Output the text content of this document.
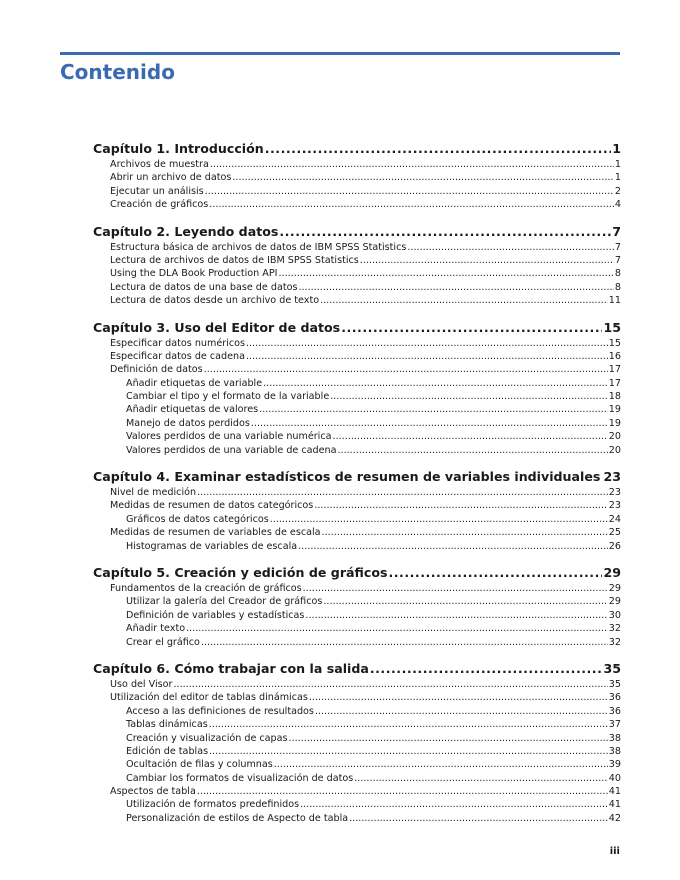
Contenido
Capítulo 1. Introducción .....	1
Archivos de muestra .....	1
Abrir un archivo de datos .....	1
Ejecutar un análisis .....	2
Creación de gráficos .....	4
Capítulo 2. Leyendo datos .....	7
Estructura básica de archivos de datos de IBM SPSS Statistics .....	7
Lectura de archivos de datos de IBM SPSS Statistics .....	7
Using the DLA Book Production API .....	8
Lectura de datos de una base de datos .....	8
Lectura de datos desde un archivo de texto .....	11
Capítulo 3. Uso del Editor de datos .....	15
Especificar datos numéricos .....	15
Especificar datos de cadena .....	16
Definición de datos .....	17
Añadir etiquetas de variable .....	17
Cambiar el tipo y el formato de la variable .....	18
Añadir etiquetas de valores .....	19
Manejo de datos perdidos .....	19
Valores perdidos de una variable numérica .....	20
Valores perdidos de una variable de cadena .....	20
Capítulo 4. Examinar estadísticos de resumen de variables individuales ..... 23
Nivel de medición .....	23
Medidas de resumen de datos categóricos .....	23
Gráficos de datos categóricos .....	24
Medidas de resumen de variables de escala .....	25
Histogramas de variables de escala .....	26
Capítulo 5. Creación y edición de gráficos .....	29
Fundamentos de la creación de gráficos .....	29
Utilizar la galería del Creador de gráficos .....	29
Definición de variables y estadísticas .....	30
Añadir texto .....	32
Crear el gráfico .....	32
Capítulo 6. Cómo trabajar con la salida .....	35
Uso del Visor .....	35
Utilización del editor de tablas dinámicas .....	36
Acceso a las definiciones de resultados .....	36
Tablas dinámicas .....	37
Creación y visualización de capas .....	38
Edición de tablas .....	38
Ocultación de filas y columnas .....	39
Cambiar los formatos de visualización de datos .....	40
Aspectos de tabla .....	41
Utilización de formatos predefinidos .....	41
Personalización de estilos de Aspecto de tabla .....	42
iii
